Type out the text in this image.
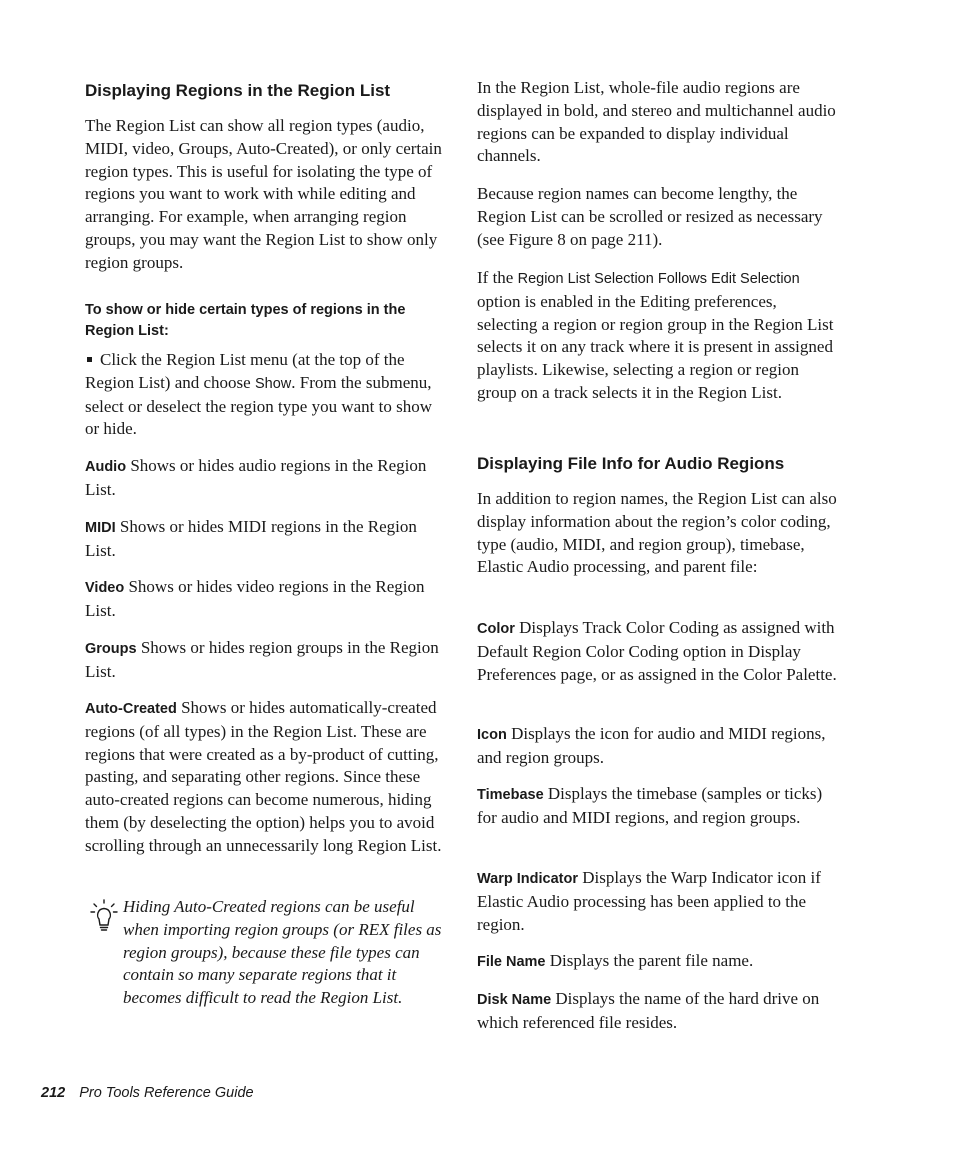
Displaying Regions in the Region List

The Region List can show all region types (audio, MIDI, video, Groups, Auto-Created), or only certain region types. This is useful for isolating the type of regions you want to work with while editing and arranging. For example, when arranging region groups, you may want the Region List to show only region groups.

To show or hide certain types of regions in the Region List:

Click the Region List menu (at the top of the Region List) and choose Show. From the submenu, select or deselect the region type you want to show or hide.

Audio Shows or hides audio regions in the Region List.

MIDI Shows or hides MIDI regions in the Region List.

Video Shows or hides video regions in the Region List.

Groups Shows or hides region groups in the Region List.

Auto-Created Shows or hides automatically-created regions (of all types) in the Region List. These are regions that were created as a by-product of cutting, pasting, and separating other regions. Since these auto-created regions can become numerous, hiding them (by deselecting the option) helps you to avoid scrolling through an unnecessarily long Region List.

Hiding Auto-Created regions can be useful when importing region groups (or REX files as region groups), because these file types can contain so many separate regions that it becomes difficult to read the Region List.

In the Region List, whole-file audio regions are displayed in bold, and stereo and multichannel audio regions can be expanded to display individual channels.

Because region names can become lengthy, the Region List can be scrolled or resized as necessary (see Figure 8 on page 211).

If the Region List Selection Follows Edit Selection option is enabled in the Editing preferences, selecting a region or region group in the Region List selects it on any track where it is present in assigned playlists. Likewise, selecting a region or region group on a track selects it in the Region List.

Displaying File Info for Audio Regions

In addition to region names, the Region List can also display information about the region’s color coding, type (audio, MIDI, and region group), timebase, Elastic Audio processing, and parent file:

Color Displays Track Color Coding as assigned with Default Region Color Coding option in Display Preferences page, or as assigned in the Color Palette.

Icon Displays the icon for audio and MIDI regions, and region groups.

Timebase Displays the timebase (samples or ticks) for audio and MIDI regions, and region groups.

Warp Indicator Displays the Warp Indicator icon if Elastic Audio processing has been applied to the region.

File Name Displays the parent file name.

Disk Name Displays the name of the hard drive on which referenced file resides.

212 Pro Tools Reference Guide
